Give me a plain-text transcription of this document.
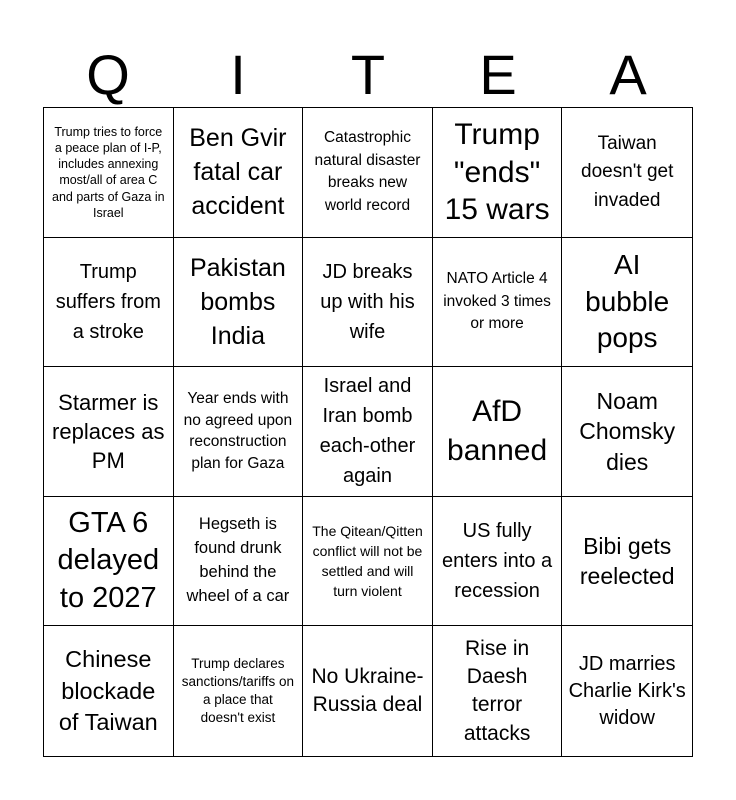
Q	I	T	E	A
Trump tries to force a peace plan of I-P, includes annexing most/all of area C and parts of Gaza in Israel
Ben Gvir fatal car accident
Catastrophic natural disaster breaks new world record
Trump "ends" 15 wars
Taiwan doesn't get invaded
Trump suffers from a stroke
Pakistan bombs India
JD breaks up with his wife
NATO Article 4 invoked 3 times or more
AI bubble pops
Starmer is replaces as PM
Year ends with no agreed upon reconstruction plan for Gaza
Israel and Iran bomb each-other again
AfD banned
Noam Chomsky dies
GTA 6 delayed to 2027
Hegseth is found drunk behind the wheel of a car
The Qitean/Qitten conflict will not be settled and will turn violent
US fully enters into a recession
Bibi gets reelected
Chinese blockade of Taiwan
Trump declares sanctions/tariffs on a place that doesn't exist
No Ukraine-Russia deal
Rise in Daesh terror attacks
JD marries Charlie Kirk's widow
